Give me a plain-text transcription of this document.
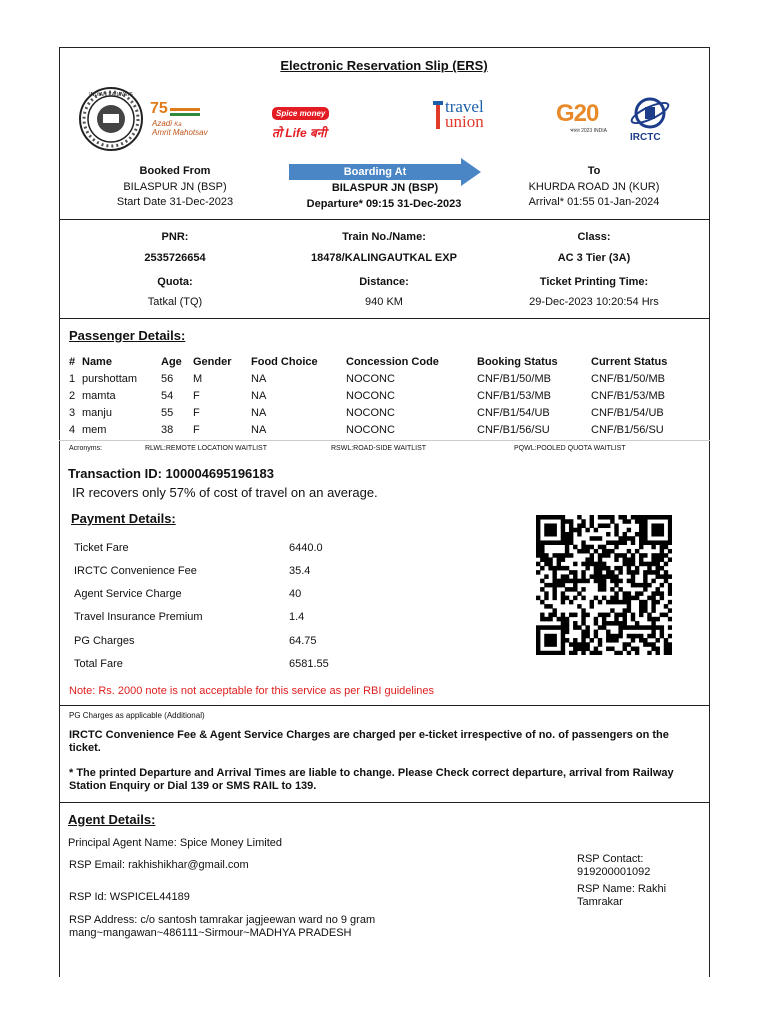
Electronic Reservation Slip (ERS)
INDIAN RAILWAYS
75
Azadi Ka
Amrit Mahotsav
Spice money
तो Life बनी
travel
union	G20
भारत 2023 INDIA
IRCTC
Booked From
BILASPUR JN (BSP)
Start Date 31-Dec-2023
Boarding At
BILASPUR JN (BSP)
Departure* 09:15 31-Dec-2023
To
KHURDA ROAD JN (KUR)
Arrival* 01:55 01-Jan-2024
PNR:
2535726654
Quota:
Tatkal (TQ)
Train No./Name:
18478/KALINGAUTKAL EXP
Distance:
940 KM
Class:
AC 3 Tier (3A)
Ticket Printing Time:
29-Dec-2023 10:20:54 Hrs
Passenger Details:
#	Name	Age	Gender	Food Choice	Concession Code	Booking Status	Current Status
1	purshottam	56	M	NA	NOCONC	CNF/B1/50/MB	CNF/B1/50/MB
2	mamta	54	F	NA	NOCONC	CNF/B1/53/MB	CNF/B1/53/MB
3	manju	55	F	NA	NOCONC	CNF/B1/54/UB	CNF/B1/54/UB
4	mem	38	F	NA	NOCONC	CNF/B1/56/SU	CNF/B1/56/SU
Acronyms:	RLWL:REMOTE LOCATION WAITLIST	RSWL:ROAD-SIDE WAITLIST	PQWL:POOLED QUOTA WAITLIST
Transaction ID: 100004695196183
IR recovers only 57% of cost of travel on an average.
Payment Details:
Ticket Fare	6440.0
IRCTC Convenience Fee	35.4
Agent Service Charge	40
Travel Insurance Premium	1.4
PG Charges	64.75
Total Fare	6581.55
Note: Rs. 2000 note is not acceptable for this service as per RBI guidelines
PG Charges as applicable (Additional)
IRCTC Convenience Fee & Agent Service Charges are charged per e-ticket irrespective of no. of passengers on the ticket.
* The printed Departure and Arrival Times are liable to change. Please Check correct departure, arrival from Railway Station Enquiry or Dial 139 or SMS RAIL to 139.
Agent Details:
Principal Agent Name: Spice Money Limited
RSP Email: rakhishikhar@gmail.com
RSP Id: WSPICEL44189
RSP Address: c/o santosh tamrakar jagjeewan ward no 9 gram mang~mangawan~486111~Sirmour~MADHYA PRADESH
RSP Contact:
919200001092
RSP Name: Rakhi Tamrakar
